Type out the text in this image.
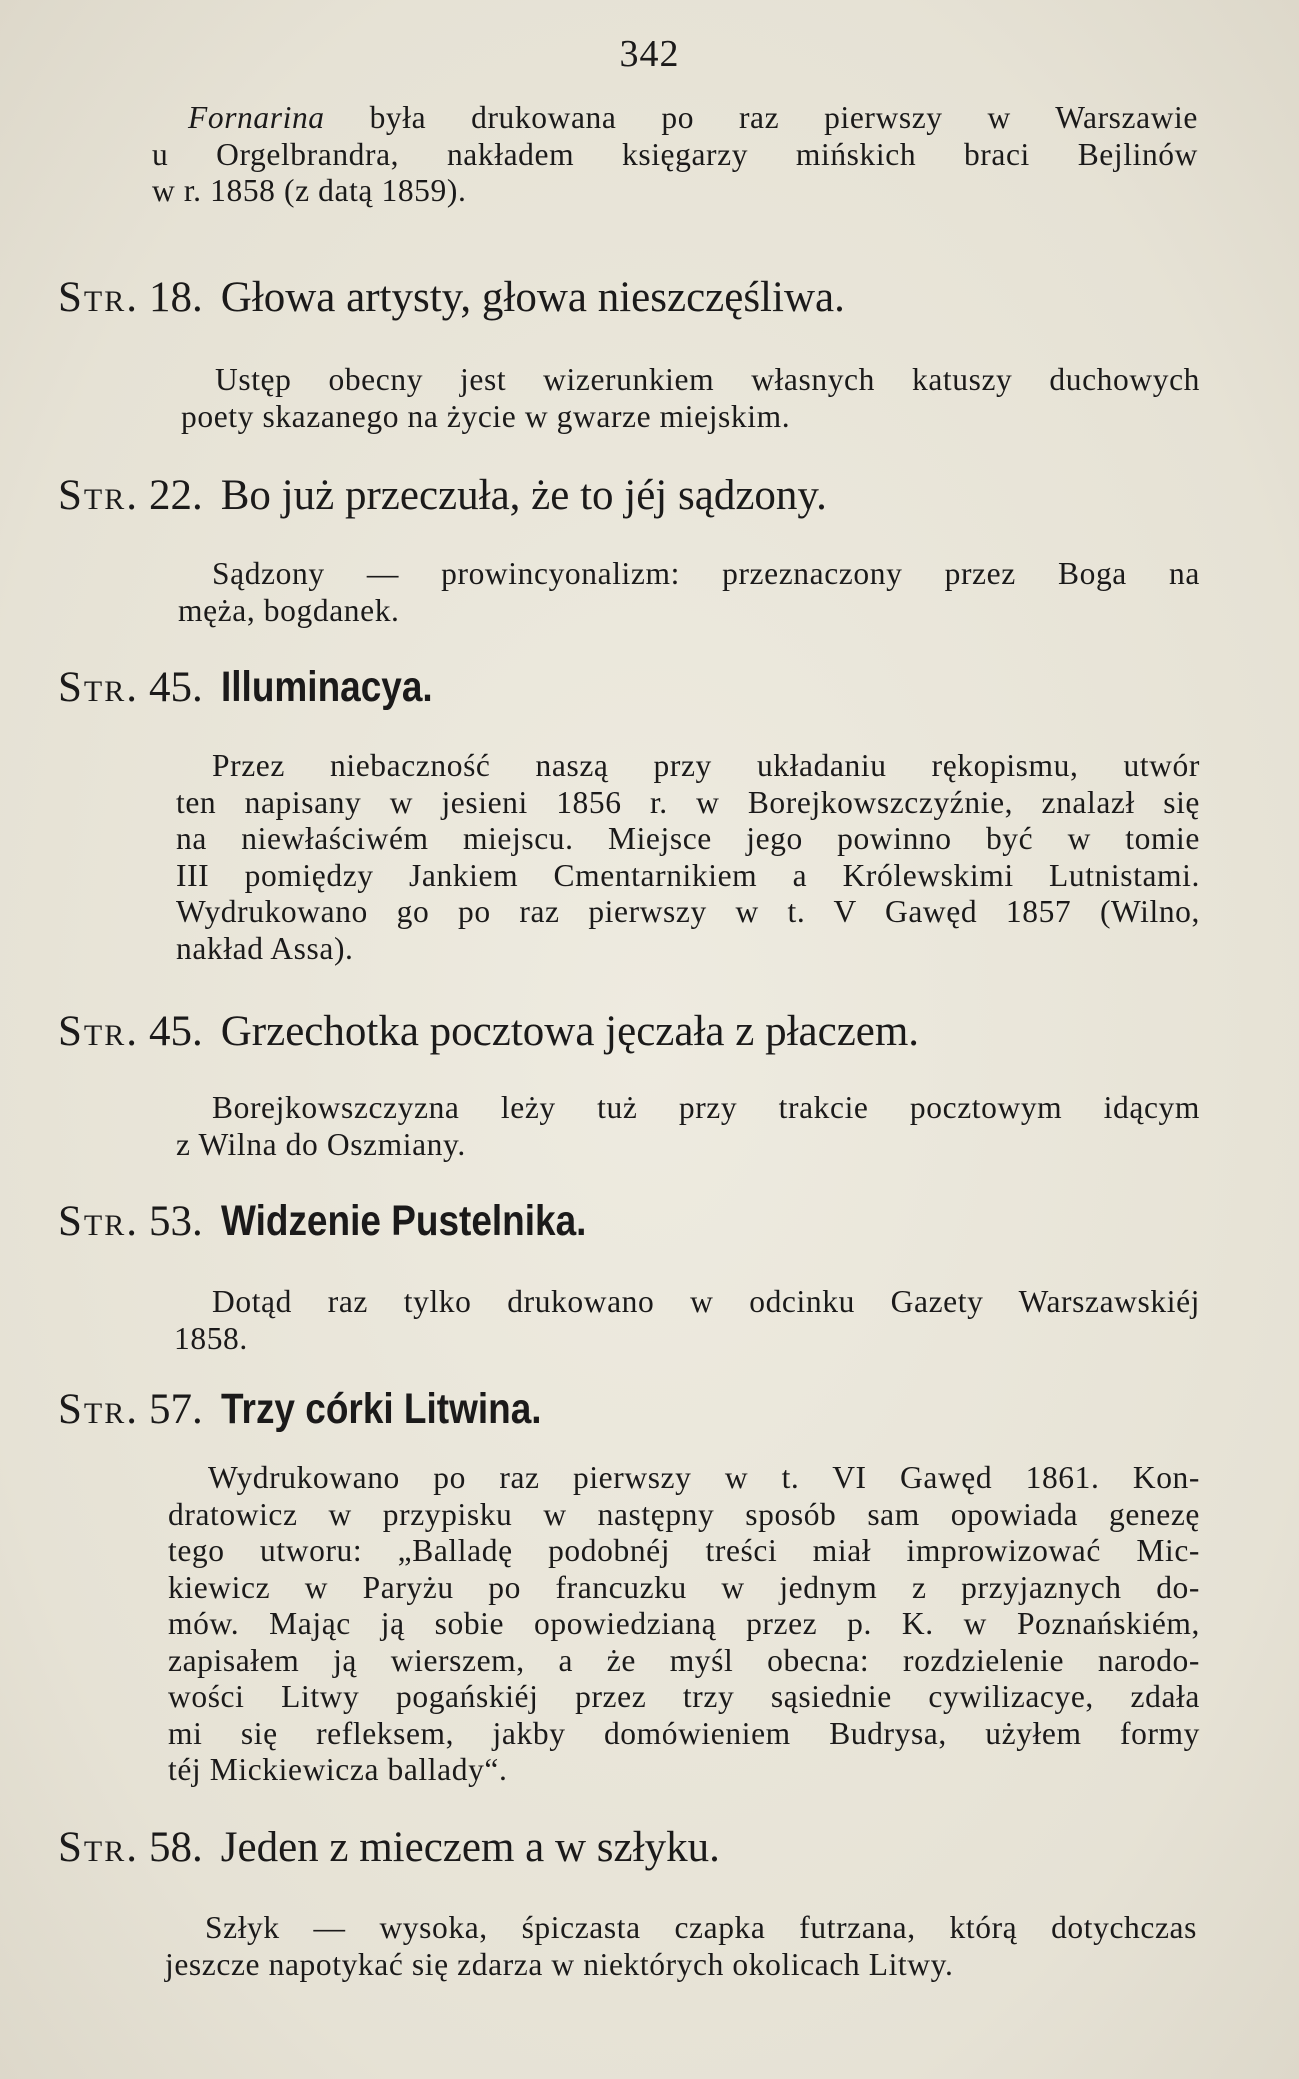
342
Fornarina była drukowana po raz pierwszy w Warszawie
u Orgelbrandra, nakładem księgarzy mińskich braci Bejlinów
w r. 1858 (z datą 1859).
Str. 18. Głowa artysty, głowa nieszczęśliwa.
Ustęp obecny jest wizerunkiem własnych katuszy duchowych
poety skazanego na życie w gwarze miejskim.
Str. 22. Bo już przeczuła, że to jéj sądzony.
Sądzony — prowincyonalizm: przeznaczony przez Boga na
męża, bogdanek.
Str. 45. Illuminacya.
Przez niebaczność naszą przy układaniu rękopismu, utwór
ten napisany w jesieni 1856 r. w Borejkowszczyźnie, znalazł się
na niewłaściwém miejscu. Miejsce jego powinno być w tomie
III pomiędzy Jankiem Cmentarnikiem a Królewskimi Lutnistami.
Wydrukowano go po raz pierwszy w t. V Gawęd 1857 (Wilno,
nakład Assa).
Str. 45. Grzechotka pocztowa jęczała z płaczem.
Borejkowszczyzna leży tuż przy trakcie pocztowym idącym
z Wilna do Oszmiany.
Str. 53. Widzenie Pustelnika.
Dotąd raz tylko drukowano w odcinku Gazety Warszawskiéj
1858.
Str. 57. Trzy córki Litwina.
Wydrukowano po raz pierwszy w t. VI Gawęd 1861. Kon-
dratowicz w przypisku w następny sposób sam opowiada genezę
tego utworu: „Balladę podobnéj treści miał improwizować Mic-
kiewicz w Paryżu po francuzku w jednym z przyjaznych do-
mów. Mając ją sobie opowiedzianą przez p. K. w Poznańskiém,
zapisałem ją wierszem, a że myśl obecna: rozdzielenie narodo-
wości Litwy pogańskiéj przez trzy sąsiednie cywilizacye, zdała
mi się refleksem, jakby domówieniem Budrysa, użyłem formy
téj Mickiewicza ballady“.
Str. 58. Jeden z mieczem a w szłyku.
Szłyk — wysoka, śpiczasta czapka futrzana, którą dotychczas
jeszcze napotykać się zdarza w niektórych okolicach Litwy.
